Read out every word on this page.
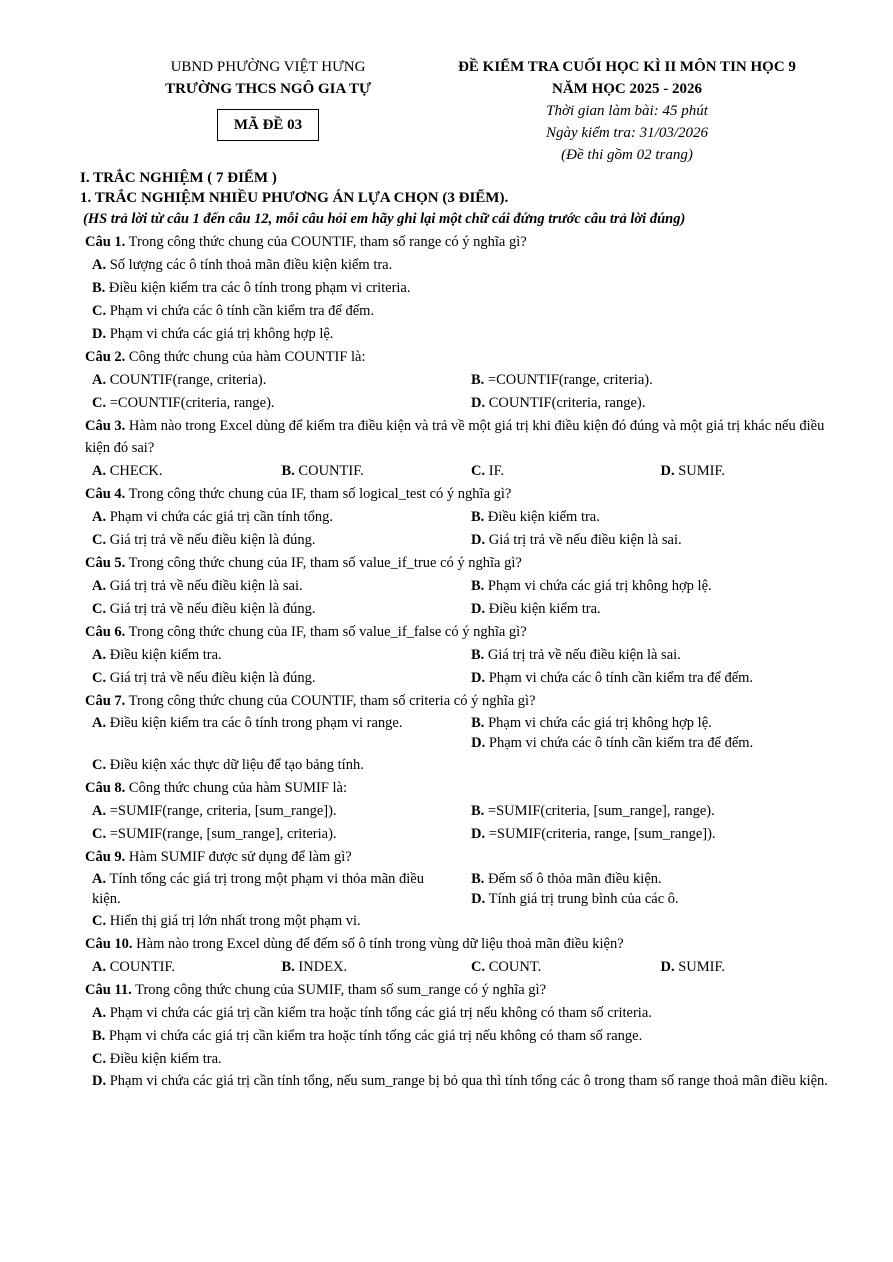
UBND PHƯỜNG VIỆT HƯNG
TRƯỜNG THCS NGÔ GIA TỰ
MÃ ĐỀ 03
ĐỀ KIỂM TRA CUỐI HỌC KÌ II MÔN TIN HỌC 9
NĂM HỌC 2025 - 2026
Thời gian làm bài: 45 phút
Ngày kiểm tra: 31/03/2026
(Đề thi gồm 02 trang)
I. TRẮC NGHIỆM ( 7 ĐIỂM )
1. TRẮC NGHIỆM NHIỀU PHƯƠNG ÁN LỰA CHỌN (3 ĐIỂM).
(HS trả lời từ câu 1 đến câu 12, mỗi câu hỏi em hãy ghi lại một chữ cái đứng trước câu trả lời đúng)
Câu 1. Trong công thức chung của COUNTIF, tham số range có ý nghĩa gì?
A. Số lượng các ô tính thoả mãn điều kiện kiểm tra.
B. Điều kiện kiểm tra các ô tính trong phạm vi criteria.
C. Phạm vi chứa các ô tính cần kiểm tra để đếm.
D. Phạm vi chứa các giá trị không hợp lệ.
Câu 2. Công thức chung của hàm COUNTIF là:
A. COUNTIF(range, criteria).	B. =COUNTIF(range, criteria).
C. =COUNTIF(criteria, range).	D. COUNTIF(criteria, range).
Câu 3. Hàm nào trong Excel dùng để kiểm tra điều kiện và trả về một giá trị khi điều kiện đó đúng và một giá trị khác nếu điều kiện đó sai?
A. CHECK.	B. COUNTIF.	C. IF.	D. SUMIF.
Câu 4. Trong công thức chung của IF, tham số logical_test có ý nghĩa gì?
A. Phạm vi chứa các giá trị cần tính tổng.	B. Điều kiện kiểm tra.
C. Giá trị trả về nếu điều kiện là đúng.	D. Giá trị trả về nếu điều kiện là sai.
Câu 5. Trong công thức chung của IF, tham số value_if_true có ý nghĩa gì?
A. Giá trị trả về nếu điều kiện là sai.	B. Phạm vi chứa các giá trị không hợp lệ.
C. Giá trị trả về nếu điều kiện là đúng.	D. Điều kiện kiểm tra.
Câu 6. Trong công thức chung của IF, tham số value_if_false có ý nghĩa gì?
A. Điều kiện kiểm tra.	B. Giá trị trả về nếu điều kiện là sai.
C. Giá trị trả về nếu điều kiện là đúng.	D. Phạm vi chứa các ô tính cần kiểm tra để đếm.
Câu 7. Trong công thức chung của COUNTIF, tham số criteria có ý nghĩa gì?
A. Điều kiện kiểm tra các ô tính trong phạm vi range.	B. Phạm vi chứa các giá trị không hợp lệ.
D. Phạm vi chứa các ô tính cần kiểm tra để đếm.
C. Điều kiện xác thực dữ liệu để tạo bảng tính.
Câu 8. Công thức chung của hàm SUMIF là:
A. =SUMIF(range, criteria, [sum_range]).	B. =SUMIF(criteria, [sum_range], range).
C. =SUMIF(range, [sum_range], criteria).	D. =SUMIF(criteria, range, [sum_range]).
Câu 9. Hàm SUMIF được sử dụng để làm gì?
A. Tính tổng các giá trị trong một phạm vi thỏa mãn điều kiện.
B. Đếm số ô thỏa mãn điều kiện.
D. Tính giá trị trung bình của các ô.
C. Hiển thị giá trị lớn nhất trong một phạm vi.
Câu 10. Hàm nào trong Excel dùng để đếm số ô tính trong vùng dữ liệu thoả mãn điều kiện?
A. COUNTIF.	B. INDEX.	C. COUNT.	D. SUMIF.
Câu 11. Trong công thức chung của SUMIF, tham số sum_range có ý nghĩa gì?
A. Phạm vi chứa các giá trị cần kiểm tra hoặc tính tổng các giá trị nếu không có tham số criteria.
B. Phạm vi chứa các giá trị cần kiểm tra hoặc tính tổng các giá trị nếu không có tham số range.
C. Điều kiện kiểm tra.
D. Phạm vi chứa các giá trị cần tính tổng, nếu sum_range bị bỏ qua thì tính tổng các ô trong tham số range thoả mãn điều kiện.
